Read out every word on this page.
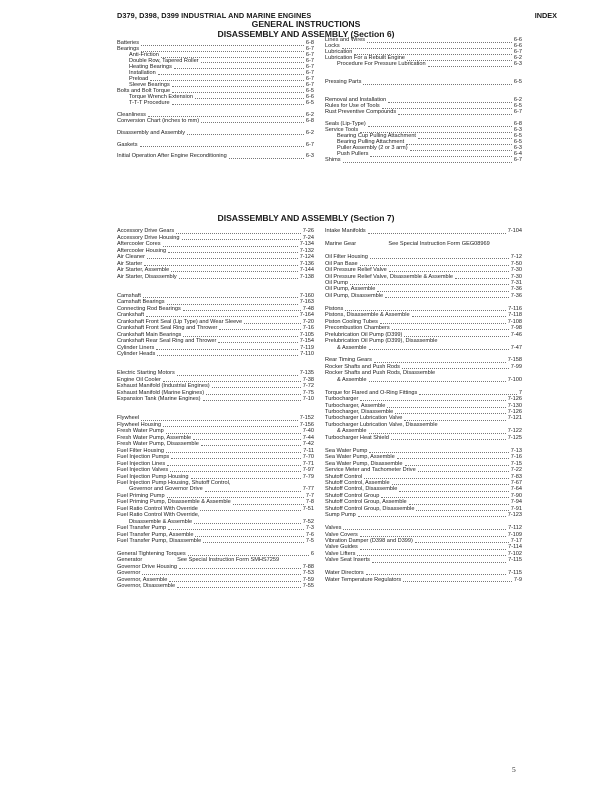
D379, D398, D399 INDUSTRIAL AND MARINE ENGINES	INDEX
GENERAL INSTRUCTIONS
DISASSEMBLY AND ASSEMBLY (Section 6)
Batteries	6-8
Bearings	6-7
Anti-Friction	6-7
Double Row, Tapered Roller	6-7
Heating Bearings	6-7
Installation	6-7
Preload	6-7
Sleeve Bearings	6-7
Bolts and Bolt Torque	6-5
Torque Wrench Extension	6-6
T-T-T Procedure	6-5
Cleanliness	6-2
Conversion Chart (inches to mm)	6-8
Disassembly and Assembly	6-2
Gaskets	6-7
Initial Operation After Engine Reconditioning	6-3
Lines and Wires	6-6
Locks	6-6
Lubrication	6-7
Lubrication For a Rebuilt Engine	6-2
Procedure For Pressure Lubrication	6-3
Pressing Parts	6-5
Removal and Installation	6-2
Rules for Use of Tools	6-5
Rust Preventive Compounds	6-7
Seals (Lip-Type)	6-8
Service Tools	6-3
Bearing Cup Pulling Attachment	6-5
Bearing Pulling Attachment	6-5
Puller Assembly (2 or 3 arm)	6-3
Push Pullers	6-4
Shims	6-7
DISASSEMBLY AND ASSEMBLY (Section 7)
Accessory Drive Gears	7-26
Accessory Drive Housing	7-24
Aftercooler Cores	7-134
Aftercooler Housing	7-132
Air Cleaner	7-124
Air Starter	7-136
Air Starter, Assemble	7-144
Air Starter, Disassembly	7-138
Camshaft	7-160
Camshaft Bearings	7-163
Connecting Rod Bearings	7-48
Crankshaft	7-164
Crankshaft Front Seal (Lip Type) and Wear Sleeve	7-20
Crankshaft Front Seal Ring and Thrower	7-16
Crankshaft Main Bearings	7-105
Crankshaft Rear Seal Ring and Thrower	7-154
Cylinder Liners	7-119
Cylinder Heads	7-110
Electric Starting Motors	7-135
Engine Oil Cooler	7-38
Exhaust Manifold (Industrial Engines)	7-72
Exhaust Manifold (Marine Engines)	7-75
Expansion Tank (Marine Engines)	7-10
Flywheel	7-152
Flywheel Housing	7-156
Fresh Water Pump	7-40
Fresh Water Pump, Assemble	7-44
Fresh Water Pump, Disassemble	7-42
Fuel Filter Housing	7-11
Fuel Injection Pumps	7-70
Fuel Injection Lines	7-71
Fuel Injection Valves	7-97
Fuel Injection Pump Housing	7-79
Fuel Injection Pump Housing, Shutoff Control,
Governor and Governor Drive	7-77
Fuel Priming Pump	7-7
Fuel Priming Pump, Disassemble & Assemble	7-8
Fuel Ratio Control With Override	7-51
Fuel Ratio Control With Override,
Disassemble & Assemble	7-52
Fuel Transfer Pump	7-3
Fuel Transfer Pump, Assemble	7-6
Fuel Transfer Pump, Disassemble	7-5
General Tightening Torques	6
Generator	See Special Instruction Form SMHS7259
Governor Drive Housing	7-88
Governor	7-53
Governor, Assemble	7-59
Governor, Disassemble	7-55
Intake Manifolds	7-104
Marine Gear	See Special Instruction Form GEG08969
Oil Filter Housing	7-12
Oil Pan Base	7-50
Oil Pressure Relief Valve	7-30
Oil Pressure Relief Valve, Disassemble & Assemble	7-30
Oil Pump	7-31
Oil Pump, Assemble	7-36
Oil Pump, Disassemble	7-36
Pistons	7-116
Pistons, Disassemble & Assemble	7-118
Piston Cooling Tubes	7-108
Precombustion Chambers	7-98
Prelubrication Oil Pump (D399)	7-46
Prelubrication Oil Pump (D399), Disassemble
& Assemble	7-47
Rear Timing Gears	7-158
Rocker Shafts and Push Rods	7-99
Rocker Shafts and Push Rods, Disassemble
& Assemble	7-100
Torque for Flared and O-Ring Fittings	7
Turbocharger	7-126
Turbocharger, Assemble	7-130
Turbocharger, Disassemble	7-126
Turbocharger Lubrication Valve	7-121
Turbocharger Lubrication Valve, Disassemble
& Assemble	7-122
Turbocharger Heat Shield	7-125
Sea Water Pump	7-13
Sea Water Pump, Assemble	7-16
Sea Water Pump, Disassemble	7-15
Service Meter and Tachometer Drive	7-22
Shutoff Control	7-83
Shutoff Control, Assemble	7-67
Shutoff Control, Disassemble	7-64
Shutoff Control Group	7-90
Shutoff Control Group, Assemble	7-94
Shutoff Control Group, Disassemble	7-91
Sump Pump	7-123
Valves	7-112
Valve Covers	7-109
Vibration Damper (D398 and D399)	7-17
Valve Guides	7-114
Valve Lifters	7-102
Valve Seat Inserts	7-115
Water Directors	7-115
Water Temperature Regulators	7-9
5
